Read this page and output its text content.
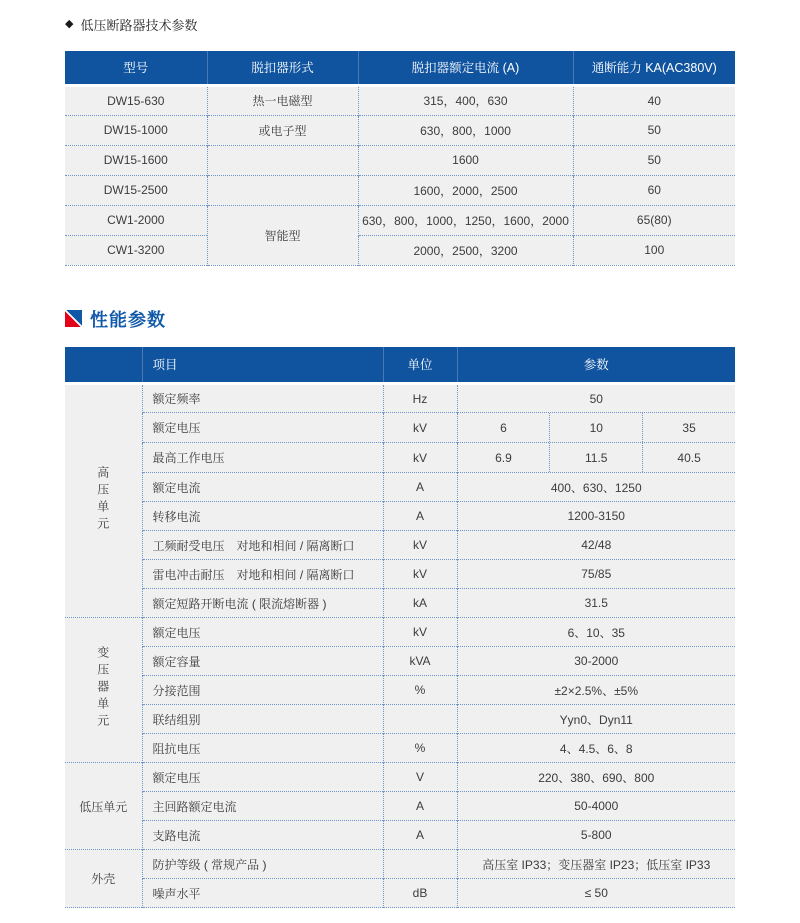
◆ 低压断路器技术参数
型号	脱扣器形式	脱扣器额定电流 (A)	通断能力 KA(AC380V)
DW15-630	热一电磁型	315，400，630	40
DW15-1000	或电子型	630，800，1000	50
DW15-1600		1600	50
DW15-2500		1600，2000，2500	60
CW1-2000	智能型	630，800，1000，1250，1600，2000	65(80)
CW1-3200		2000，2500，3200	100
性能参数
	项目	单位	参数
高压单元	额定频率	Hz	50
	额定电压	kV	6 10 35

	最高工作电压	kV	6.9 11.5 40.5

	额定电流	A	400、630、1250
	转移电流	A	1200-3150
	工频耐受电压　对地和相间 / 隔离断口	kV	42/48
	雷电冲击耐压　对地和相间 / 隔离断口	kV	75/85
	额定短路开断电流 ( 限流熔断器 )	kA	31.5
变压器单元	额定电压	kV	6、10、35
	额定容量	kVA	30-2000
	分接范围	%	±2×2.5%、±5%
	联结组别		Yyn0、Dyn11
	阻抗电压	%	4、4.5、6、8
低压单元	额定电压	V	220、380、690、800
	主回路额定电流	A	50-4000
	支路电流	A	5-800
外壳	防护等级 ( 常规产品 )		高压室 IP33；变压器室 IP23；低压室 IP33
	噪声水平	dB	≤ 50
